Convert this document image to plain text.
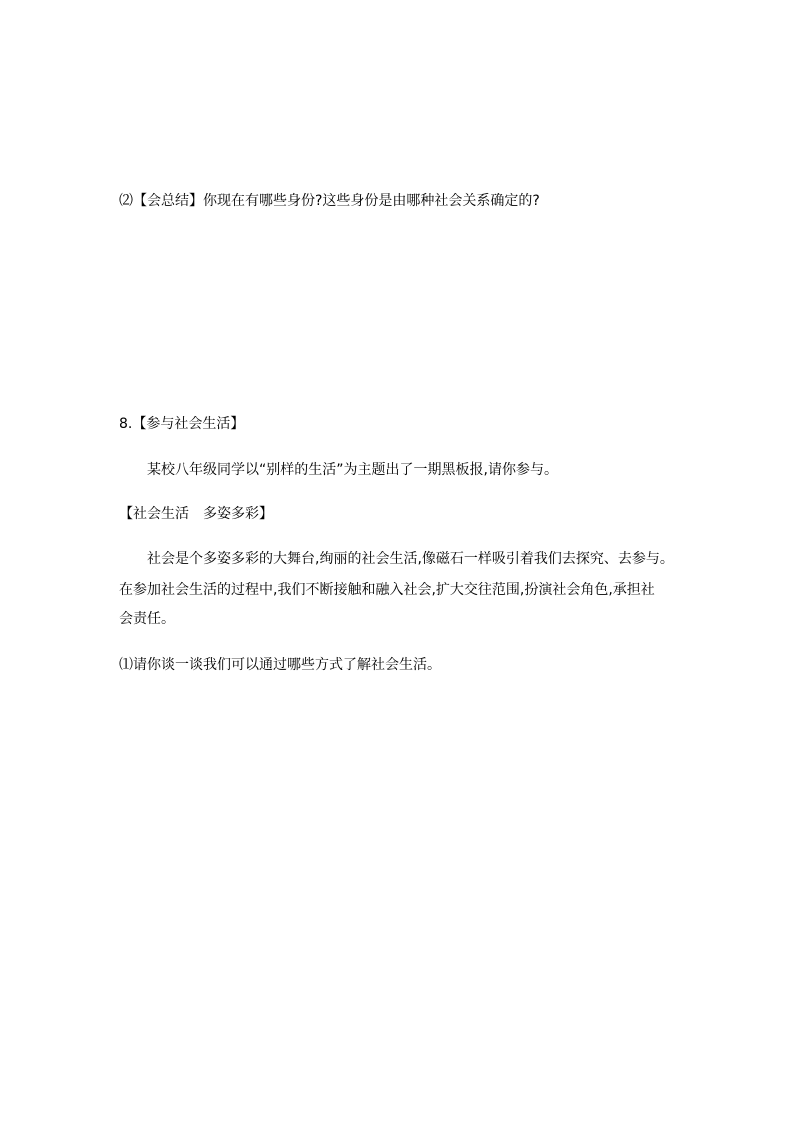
⑵【会总结】你现在有哪些身份?这些身份是由哪种社会关系确定的?
8.【参与社会生活】
某校八年级同学以“别样的生活”为主题出了一期黑板报,请你参与。
【社会生活　多姿多彩】
社会是个多姿多彩的大舞台,绚丽的社会生活,像磁石一样吸引着我们去探究、去参与。
在参加社会生活的过程中,我们不断接触和融入社会,扩大交往范围,扮演社会角色,承担社
会责任。
⑴请你谈一谈我们可以通过哪些方式了解社会生活。
